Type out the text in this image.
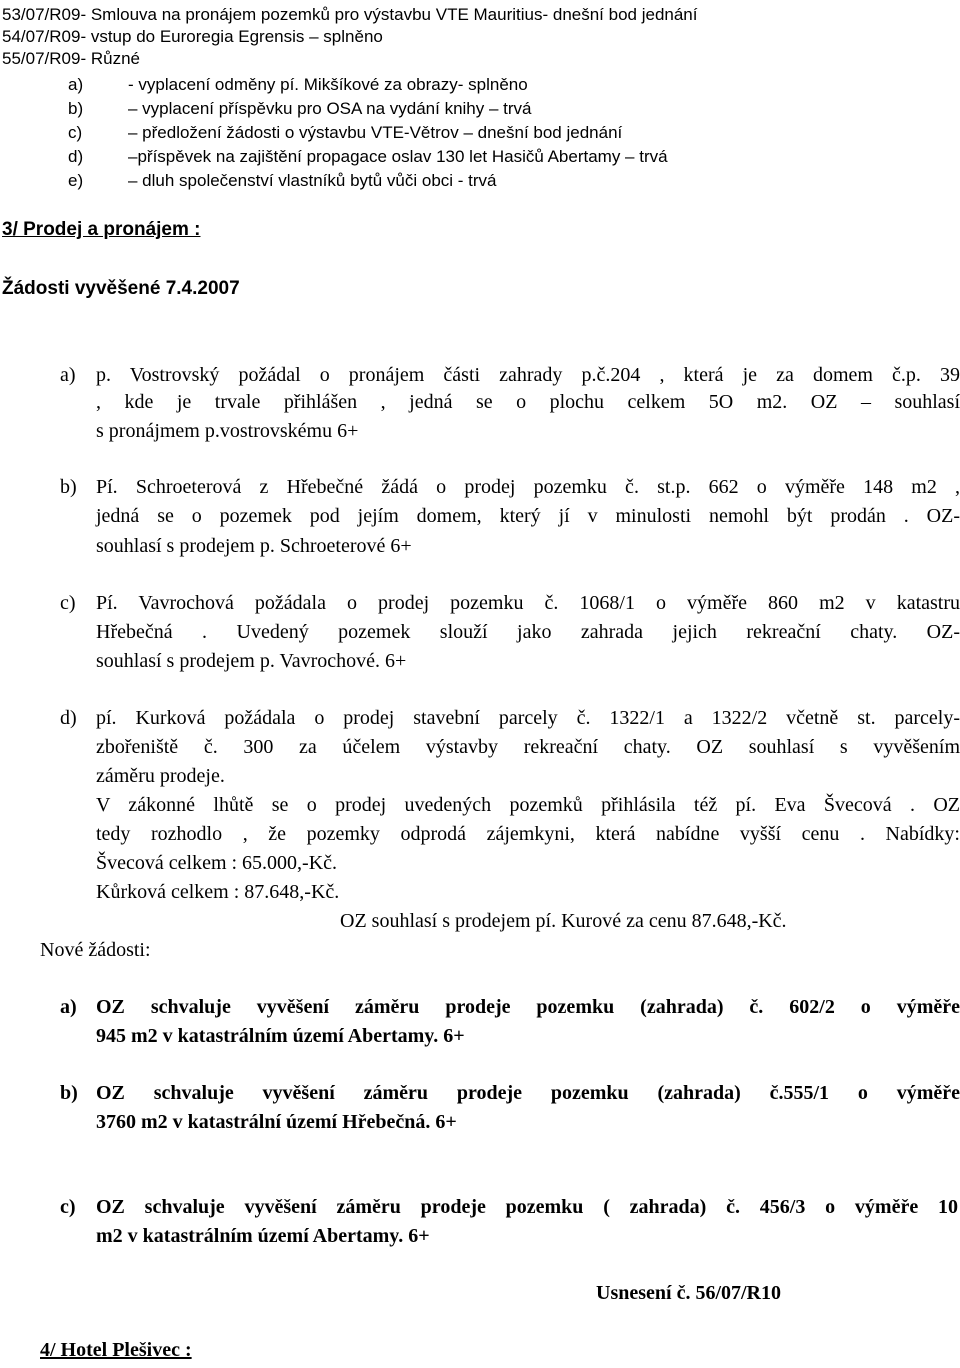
53/07/R09- Smlouva na pronájem pozemků pro výstavbu VTE Mauritius- dnešní bod jednání
54/07/R09- vstup do Euroregia Egrensis – splněno
55/07/R09- Různé
a)	- vyplacení odměny pí. Mikšíkové za obrazy- splněno
b)	– vyplacení příspěvku pro OSA na vydání knihy – trvá
c)	– předložení žádosti o výstavbu VTE-Větrov – dnešní bod jednání
d)	–příspěvek na zajištění propagace oslav 130 let Hasičů Abertamy – trvá
e)	– dluh společenství vlastníků bytů vůči obci - trvá
3/ Prodej a pronájem :
Žádosti vyvěšené 7.4.2007
a) p. Vostrovský požádal o pronájem části zahrady p.č.204 , která je za domem č.p. 39
, kde je trvale přihlášen , jedná se o plochu celkem 5O m2. OZ – souhlasí
s pronájmem p.vostrovskému 6+
b) Pí. Schroeterová z Hřebečné žádá o prodej pozemku č. st.p. 662 o výměře 148 m2 ,
jedná se o pozemek pod jejím domem, který jí v minulosti nemohl být prodán . OZ-
souhlasí s prodejem p. Schroeterové 6+
c) Pí. Vavrochová požádala o prodej pozemku č. 1068/1 o výměře 860 m2 v katastru
Hřebečná . Uvedený pozemek slouží jako zahrada jejich rekreační chaty. OZ-
souhlasí s prodejem p. Vavrochové. 6+
d) pí. Kurková požádala o prodej stavební parcely č. 1322/1 a 1322/2 včetně st. parcely-
zbořeniště č. 300 za účelem výstavby rekreační chaty. OZ souhlasí s vyvěšením
záměru prodeje.
V zákonné lhůtě se o prodej uvedených pozemků přihlásila též pí. Eva Švecová . OZ
tedy rozhodlo , že pozemky odprodá zájemkyni, která nabídne vyšší cenu . Nabídky:
Švecová celkem : 65.000,-Kč.
Kůrková celkem : 87.648,-Kč.
OZ souhlasí s prodejem pí. Kurové za cenu 87.648,-Kč.
Nové žádosti:
a) OZ schvaluje vyvěšení záměru prodeje pozemku (zahrada) č. 602/2 o výměře
945 m2 v katastrálním území Abertamy. 6+
b) OZ schvaluje vyvěšení záměru prodeje pozemku (zahrada) č.555/1 o výměře
3760 m2 v katastrální území Hřebečná. 6+
c) OZ schvaluje vyvěšení záměru prodeje pozemku ( zahrada) č. 456/3 o výměře 10
m2 v katastrálním území Abertamy. 6+
Usnesení č. 56/07/R10
4/ Hotel Plešivec :
